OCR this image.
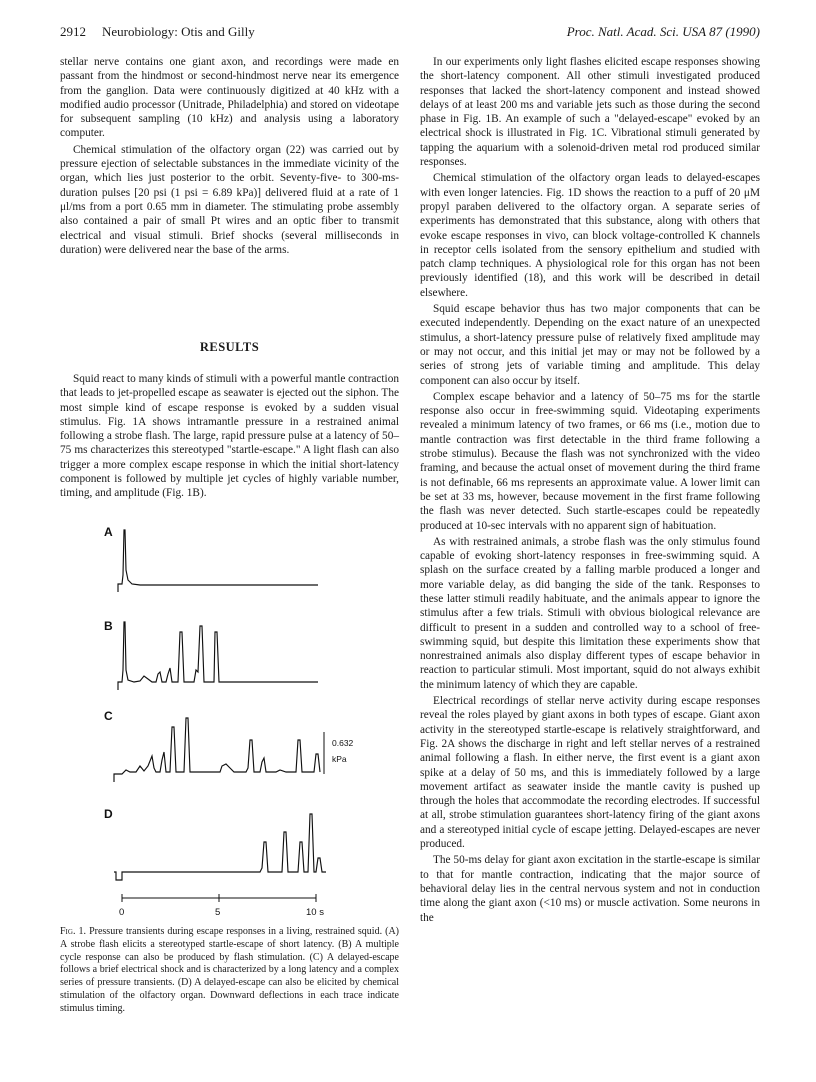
2912 Neurobiology: Otis and Gilly	Proc. Natl. Acad. Sci. USA 87 (1990)

stellar nerve contains one giant axon, and recordings were made en passant from the hindmost or second-hindmost nerve near its emergence from the ganglion. Data were continuously digitized at 40 kHz with a modified audio processor (Unitrade, Philadelphia) and stored on videotape for subsequent sampling (10 kHz) and analysis using a laboratory computer.

Chemical stimulation of the olfactory organ (22) was carried out by pressure ejection of selectable substances in the immediate vicinity of the organ, which lies just posterior to the orbit. Seventy-five- to 300-ms-duration pulses [20 psi (1 psi = 6.89 kPa)] delivered fluid at a rate of 1 μl/ms from a port 0.65 mm in diameter. The stimulating probe assembly also contained a pair of small Pt wires and an optic fiber to transmit electrical and visual stimuli. Brief shocks (several milliseconds in duration) were delivered near the base of the arms.

RESULTS

Squid react to many kinds of stimuli with a powerful mantle contraction that leads to jet-propelled escape as seawater is ejected out the siphon. The most simple kind of escape response is evoked by a sudden visual stimulus. Fig. 1A shows intramantle pressure in a restrained animal following a strobe flash. The large, rapid pressure pulse at a latency of 50–75 ms characterizes this stereotyped "startle-escape." A light flash can also trigger a more complex escape response in which the initial short-latency component is followed by multiple jet cycles of highly variable number, timing, and amplitude (Fig. 1B).

A
B
C
D
0.632
kPa
0	5	10 s
Fig. 1. Pressure transients during escape responses in a living, restrained squid. (A) A strobe flash elicits a stereotyped startle-escape of short latency. (B) A multiple cycle response can also be produced by flash stimulation. (C) A delayed-escape follows a brief electrical shock and is characterized by a long latency and a complex series of pressure transients. (D) A delayed-escape can also be elicited by chemical stimulation of the olfactory organ. Downward deflections in each trace indicate stimulus timing.

In our experiments only light flashes elicited escape responses showing the short-latency component. All other stimuli investigated produced responses that lacked the short-latency component and instead showed delays of at least 200 ms and variable jets such as those during the second phase in Fig. 1B. An example of such a "delayed-escape" evoked by an electrical shock is illustrated in Fig. 1C. Vibrational stimuli generated by tapping the aquarium with a solenoid-driven metal rod produced similar responses.

Chemical stimulation of the olfactory organ leads to delayed-escapes with even longer latencies. Fig. 1D shows the reaction to a puff of 20 μM propyl paraben delivered to the olfactory organ. A separate series of experiments has demonstrated that this substance, along with others that evoke escape responses in vivo, can block voltage-controlled K channels in receptor cells isolated from the sensory epithelium and studied with patch clamp techniques. A physiological role for this organ has not been previously identified (18), and this work will be described in detail elsewhere.

Squid escape behavior thus has two major components that can be executed independently. Depending on the exact nature of an unexpected stimulus, a short-latency pressure pulse of relatively fixed amplitude may or may not occur, and this initial jet may or may not be followed by a series of strong jets of variable timing and amplitude. This delay component can also occur by itself.

Complex escape behavior and a latency of 50–75 ms for the startle response also occur in free-swimming squid. Videotaping experiments revealed a minimum latency of two frames, or 66 ms (i.e., motion due to mantle contraction was first detectable in the third frame following a strobe stimulus). Because the flash was not synchronized with the video framing, and because the actual onset of movement during the third frame is not definable, 66 ms represents an approximate value. A lower limit can be set at 33 ms, however, because movement in the first frame following the flash was never detected. Such startle-escapes could be repeatedly produced at 10-sec intervals with no apparent sign of habituation.

As with restrained animals, a strobe flash was the only stimulus found capable of evoking short-latency responses in free-swimming squid. A splash on the surface created by a falling marble produced a longer and more variable delay, as did banging the side of the tank. Responses to these latter stimuli readily habituate, and the animals appear to ignore the stimulus after a few trials. Stimuli with obvious biological relevance are difficult to present in a sudden and controlled way to a school of free-swimming squid, but despite this limitation these experiments show that nonrestrained animals also display different types of escape behavior in reaction to particular stimuli. Most important, squid do not always exhibit the minimum latency of which they are capable.

Electrical recordings of stellar nerve activity during escape responses reveal the roles played by giant axons in both types of escape. Giant axon activity in the stereotyped startle-escape is relatively straightforward, and Fig. 2A shows the discharge in right and left stellar nerves of a restrained animal following a flash. In either nerve, the first event is a giant axon spike at a delay of 50 ms, and this is immediately followed by a large movement artifact as seawater inside the mantle cavity is pushed up through the holes that accommodate the recording electrodes. If successful at all, strobe stimulation guarantees short-latency firing of the giant axons and a stereotyped initial cycle of escape jetting. Delayed-escapes are never produced.

The 50-ms delay for giant axon excitation in the startle-escape is similar to that for mantle contraction, indicating that the major source of behavioral delay lies in the central nervous system and not in conduction time along the giant axon (<10 ms) or muscle activation. Some neurons in the
